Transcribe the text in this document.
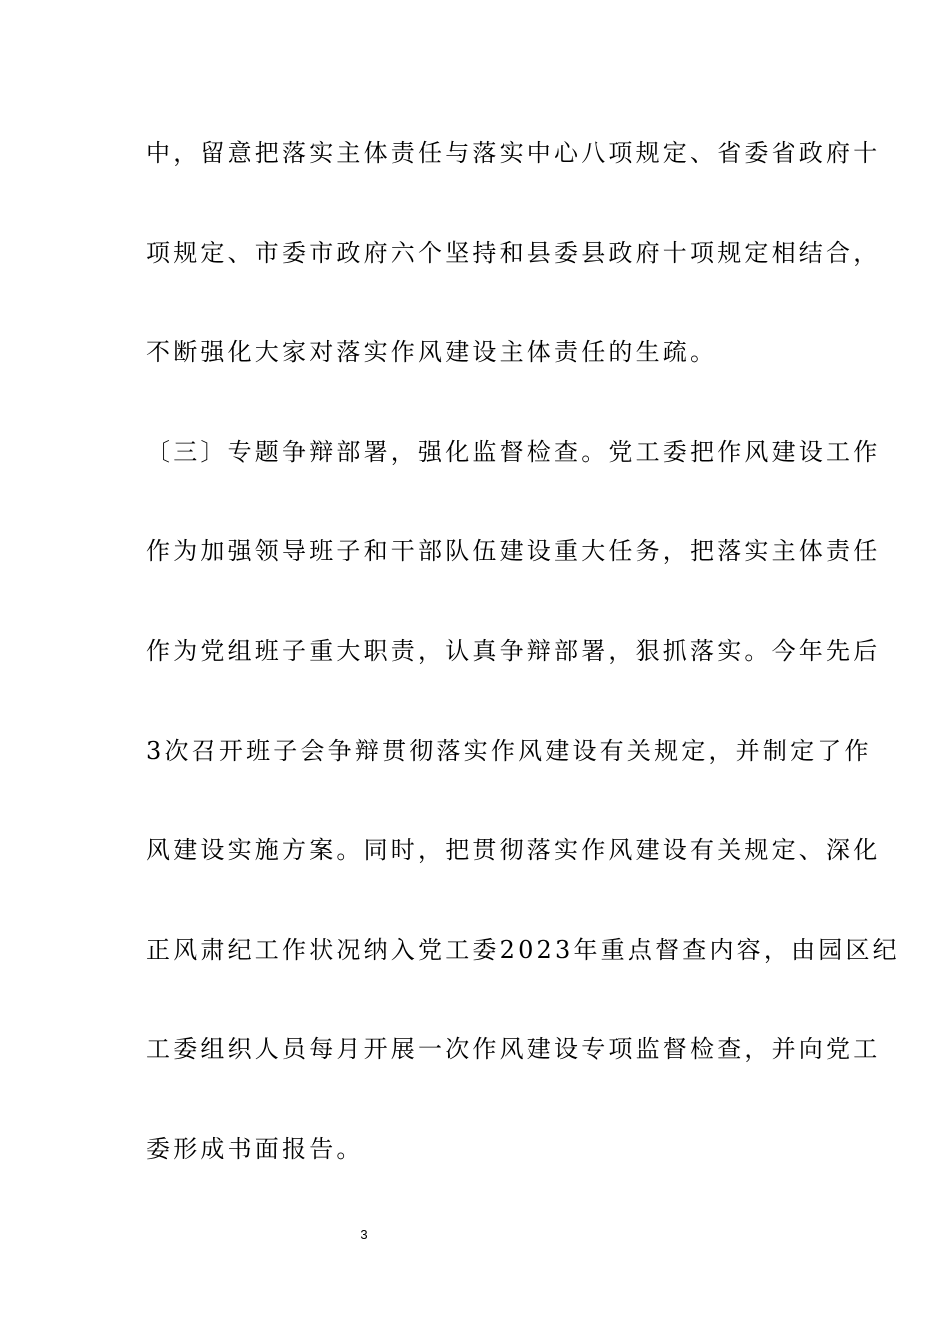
中，留意把落实主体责任与落实中心八项规定、省委省政府十
项规定、市委市政府六个坚持和县委县政府十项规定相结合，
不断强化大家对落实作风建设主体责任的生疏。
〔三〕专题争辩部署，强化监督检查。党工委把作风建设工作
作为加强领导班子和干部队伍建设重大任务，把落实主体责任
作为党组班子重大职责，认真争辩部署，狠抓落实。今年先后
3次召开班子会争辩贯彻落实作风建设有关规定，并制定了作
风建设实施方案。同时，把贯彻落实作风建设有关规定、深化
正风肃纪工作状况纳入党工委2023年重点督查内容，由园区纪
工委组织人员每月开展一次作风建设专项监督检查，并向党工
委形成书面报告。
3
